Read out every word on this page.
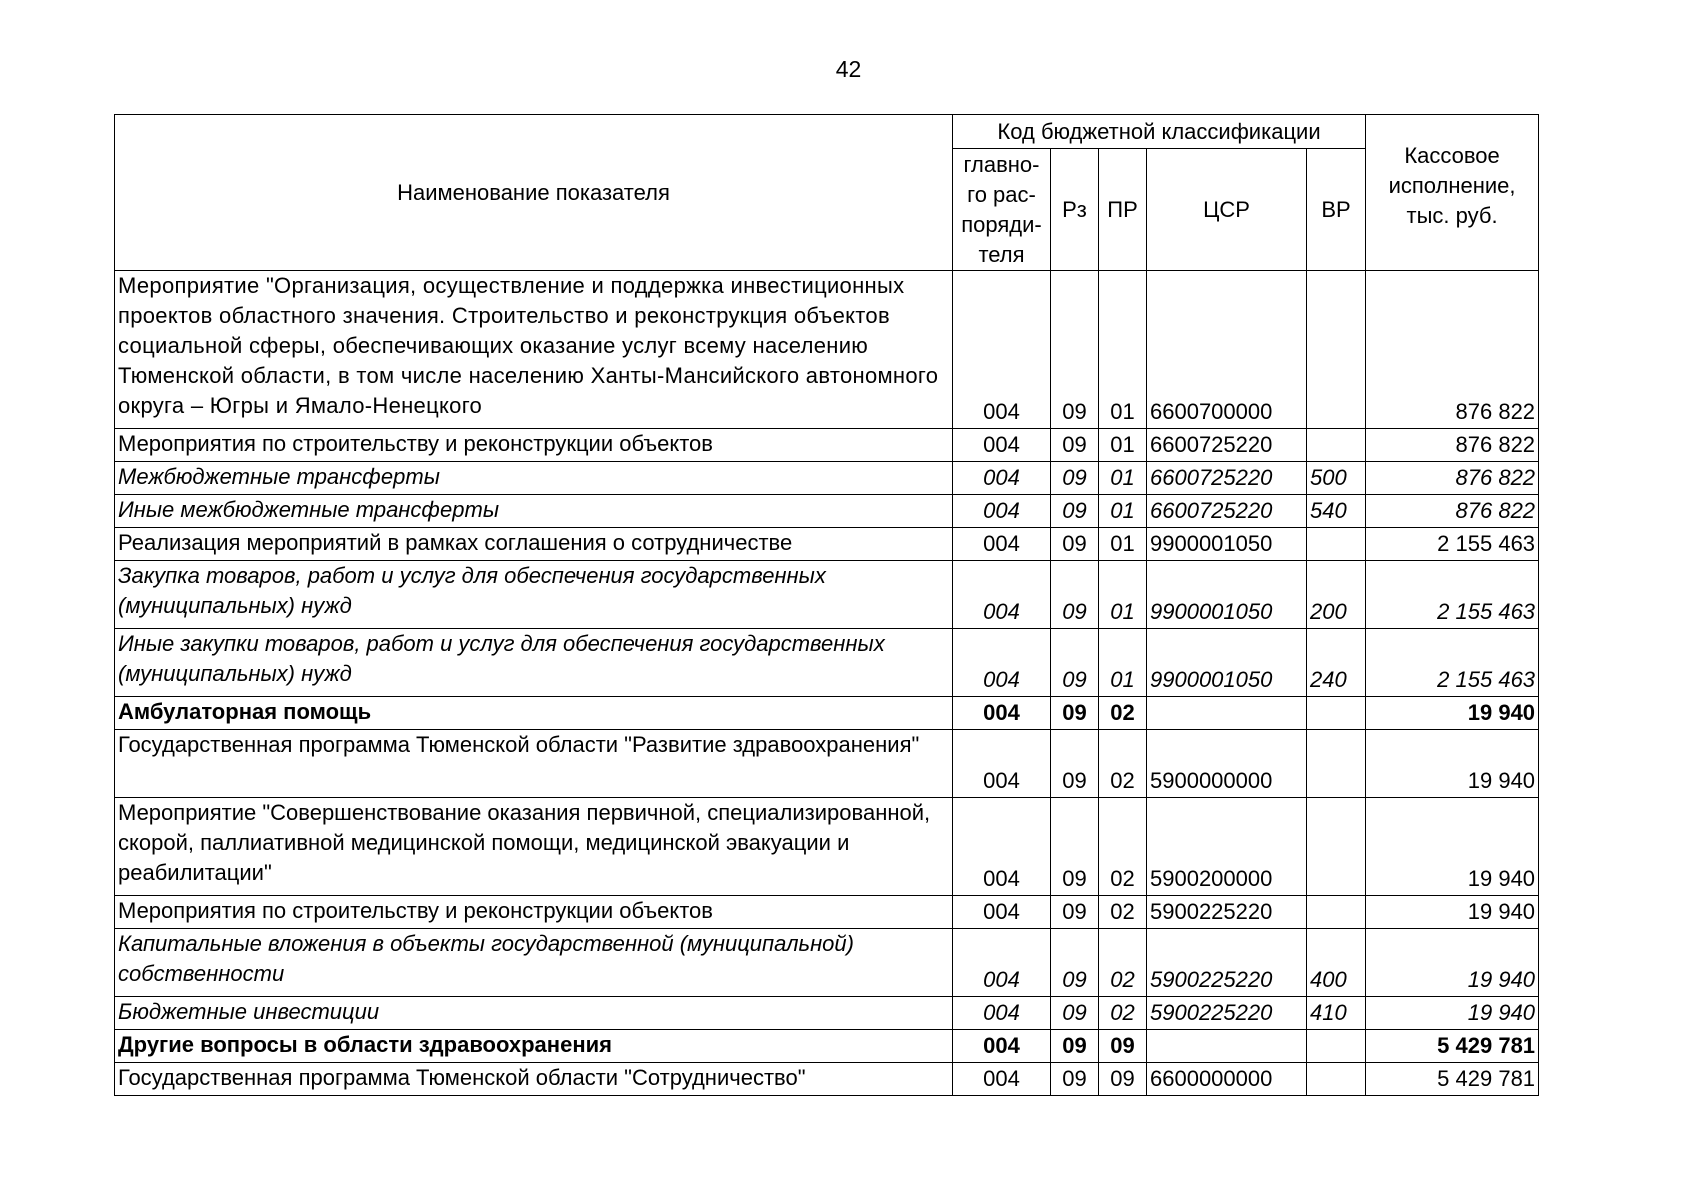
42
Наименование показателя	Код бюджетной классификации					Кассовое исполнение, тыс. руб.
	главно-го рас-поряди-теля	Рз	ПР	ЦСР	ВР	
Мероприятие "Организация, осуществление и поддержка инвестиционных проектов областного значения. Строительство и реконструкция объектов социальной сферы, обеспечивающих оказание услуг всему населению Тюменской области, в том числе населению Ханты-Мансийского автономного округа – Югры и Ямало-Ненецкого	004	09	01	6600700000		876 822
Мероприятия по строительству и реконструкции объектов	004	09	01	6600725220		876 822
Межбюджетные трансферты	004	09	01	6600725220	500	876 822
Иные межбюджетные трансферты	004	09	01	6600725220	540	876 822
Реализация мероприятий в рамках соглашения о сотрудничестве	004	09	01	9900001050		2 155 463
Закупка товаров, работ и услуг для обеспечения государственных (муниципальных) нужд	004	09	01	9900001050	200	2 155 463
Иные закупки товаров, работ и услуг для обеспечения государственных (муниципальных) нужд	004	09	01	9900001050	240	2 155 463
Амбулаторная помощь	004	09	02			19 940
Государственная программа Тюменской области "Развитие здравоохранения"	004	09	02	5900000000		19 940
Мероприятие "Совершенствование оказания первичной, специализированной, скорой, паллиативной медицинской помощи, медицинской эвакуации и реабилитации"	004	09	02	5900200000		19 940
Мероприятия по строительству и реконструкции объектов	004	09	02	5900225220		19 940
Капитальные вложения в объекты государственной (муниципальной) собственности	004	09	02	5900225220	400	19 940
Бюджетные инвестиции	004	09	02	5900225220	410	19 940
Другие вопросы в области здравоохранения	004	09	09			5 429 781
Государственная программа Тюменской области "Сотрудничество"	004	09	09	6600000000		5 429 781
